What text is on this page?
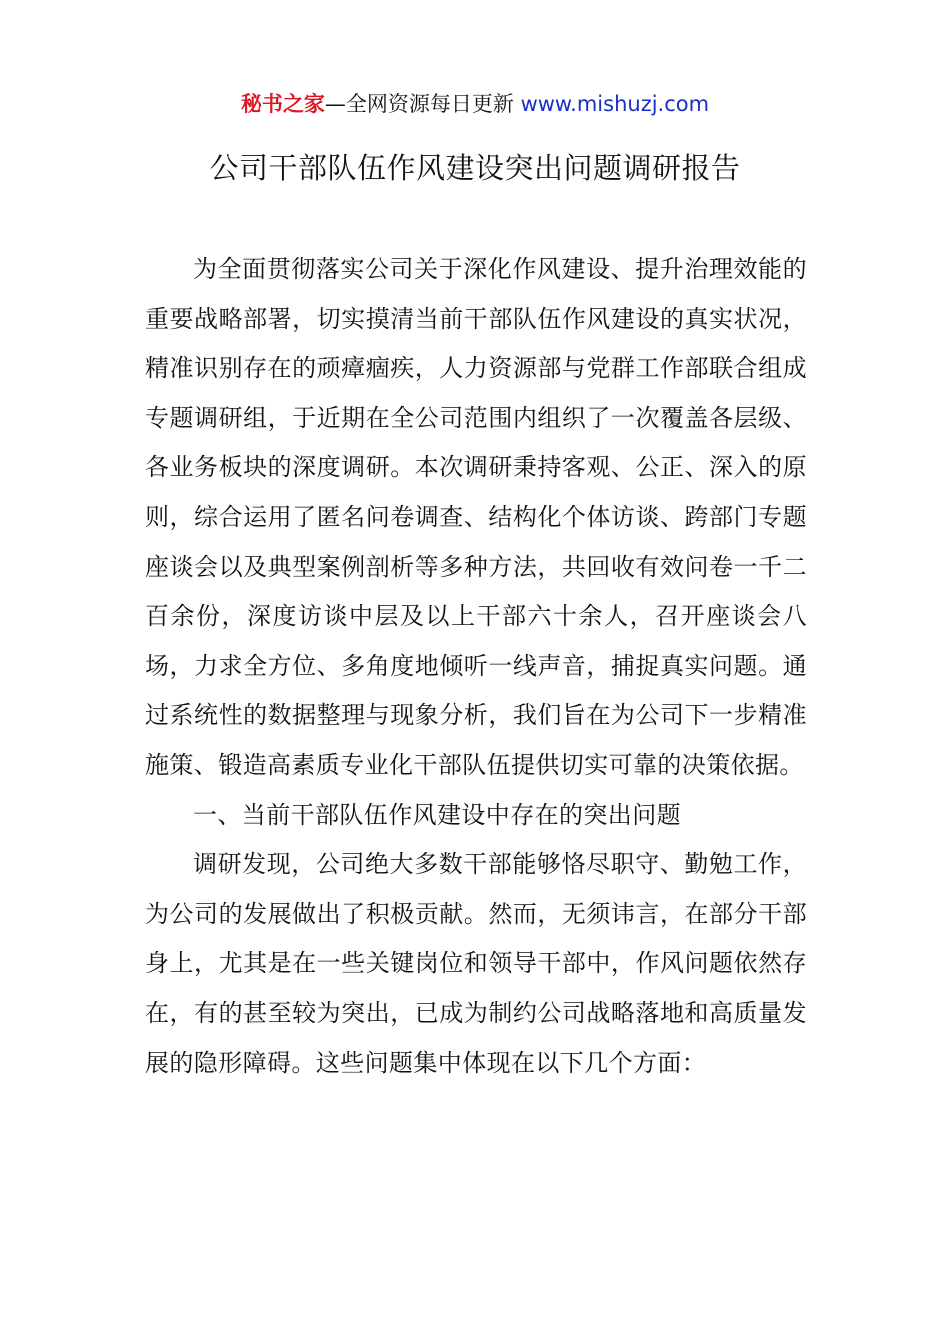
秘书之家—全网资源每日更新 www.mishuzj.com
公司干部队伍作风建设突出问题调研报告

为全面贯彻落实公司关于深化作风建设、提升治理效能的重要战略部署，切实摸清当前干部队伍作风建设的真实状况，精准识别存在的顽瘴痼疾，人力资源部与党群工作部联合组成专题调研组，于近期在全公司范围内组织了一次覆盖各层级、各业务板块的深度调研。本次调研秉持客观、公正、深入的原则，综合运用了匿名问卷调查、结构化个体访谈、跨部门专题座谈会以及典型案例剖析等多种方法，共回收有效问卷一千二百余份，深度访谈中层及以上干部六十余人，召开座谈会八场，力求全方位、多角度地倾听一线声音，捕捉真实问题。通过系统性的数据整理与现象分析，我们旨在为公司下一步精准施策、锻造高素质专业化干部队伍提供切实可靠的决策依据。

一、当前干部队伍作风建设中存在的突出问题

调研发现，公司绝大多数干部能够恪尽职守、勤勉工作，为公司的发展做出了积极贡献。然而，无须讳言，在部分干部身上，尤其是在一些关键岗位和领导干部中，作风问题依然存在，有的甚至较为突出，已成为制约公司战略落地和高质量发展的隐形障碍。这些问题集中体现在以下几个方面：
